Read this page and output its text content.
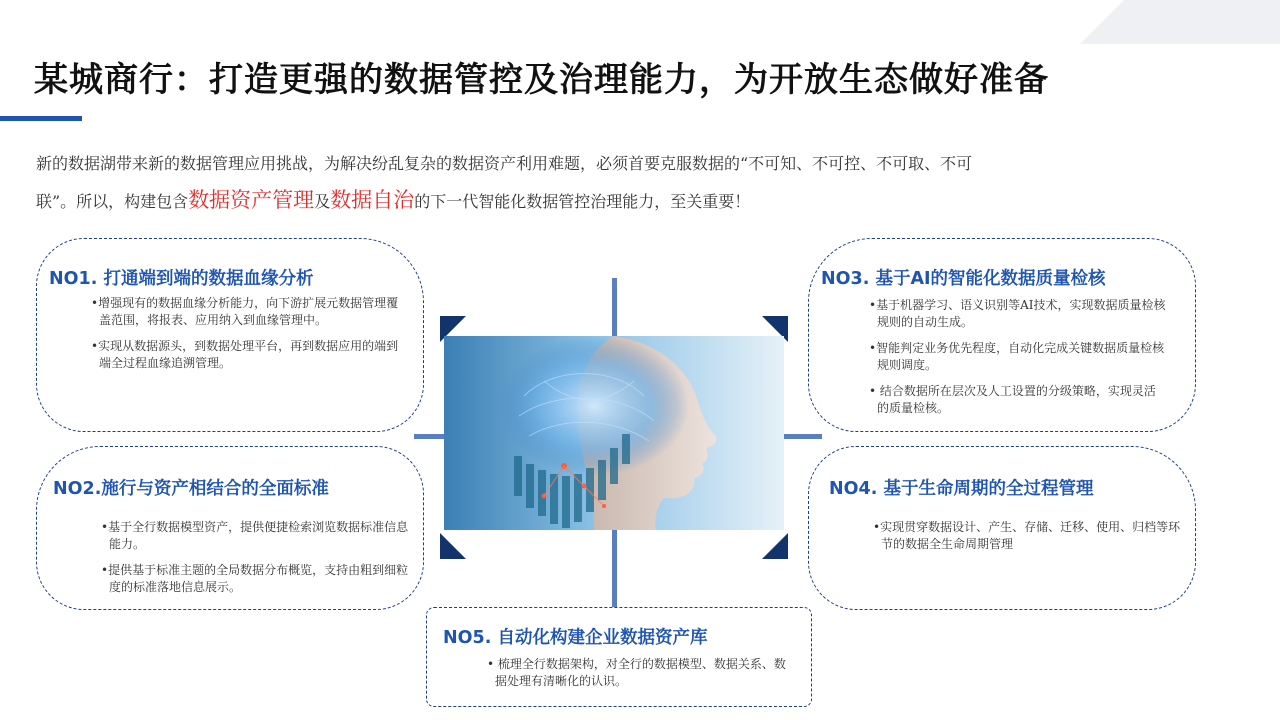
某城商行：打造更强的数据管控及治理能力，为开放生态做好准备
新的数据湖带来新的数据管理应用挑战，为解决纷乱复杂的数据资产利用难题，必须首要克服数据的“不可知、不可控、不可取、不可
联”。所以，构建包含数据资产管理及数据自治的下一代智能化数据管控治理能力，至关重要！
NO1. 打通端到端的数据血缘分析
•增强现有的数据血缘分析能力，向下游扩展元数据管理覆盖范围，将报表、应用纳入到血缘管理中。
•实现从数据源头，到数据处理平台，再到数据应用的端到端全过程血缘追溯管理。
NO2.施行与资产相结合的全面标准
•基于全行数据模型资产，提供便捷检索浏览数据标准信息能力。
•提供基于标准主题的全局数据分布概览，支持由粗到细粒度的标准落地信息展示。
NO3. 基于AI的智能化数据质量检核
•基于机器学习、语义识别等AI技术，实现数据质量检核规则的自动生成。
•智能判定业务优先程度，自动化完成关键数据质量检核规则调度。
• 结合数据所在层次及人工设置的分级策略，实现灵活的质量检核。
NO4. 基于生命周期的全过程管理
•实现贯穿数据设计、产生、存储、迁移、使用、归档等环节的数据全生命周期管理
NO5. 自动化构建企业数据资产库
• 梳理全行数据架构，对全行的数据模型、数据关系、数据处理有清晰化的认识。
